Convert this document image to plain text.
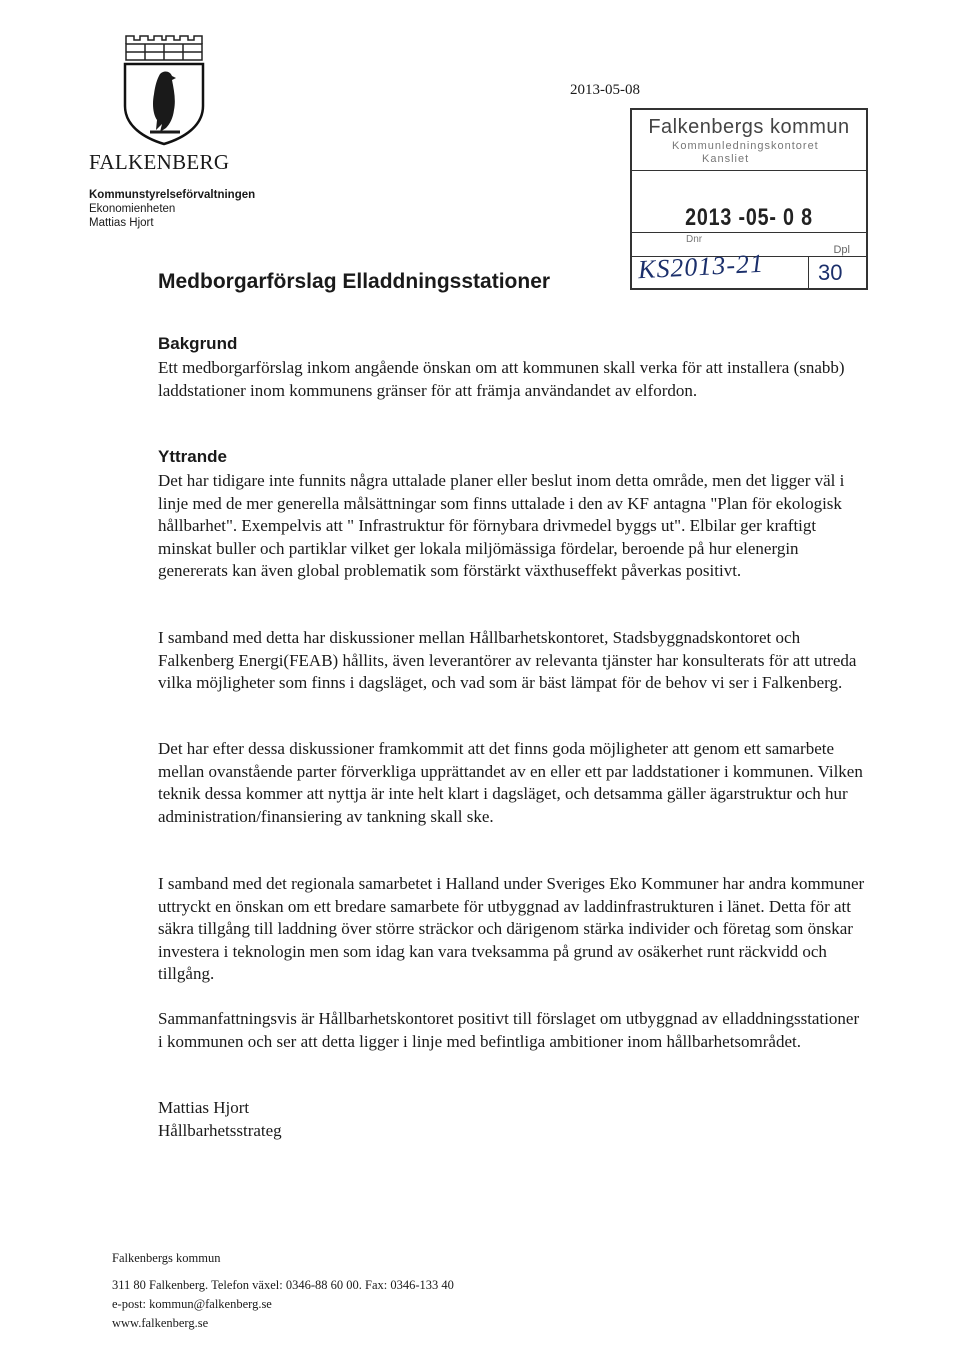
FALKENBERG
Kommunstyrelseförvaltningen
Ekonomienheten
Mattias Hjort
2013-05-08
Falkenbergs kommun
Kommunledningskontoret
Kansliet
2013 -05- 0 8
Dnr
Dpl
KS2013-21 30
Medborgarförslag Elladdningsstationer
Bakgrund
Ett medborgarförslag inkom angående önskan om att kommunen skall verka för att installera (snabb) laddstationer inom kommunens gränser för att främja användandet av elfordon.
Yttrande
Det har tidigare inte funnits några uttalade planer eller beslut inom detta område, men det ligger väl i linje med de mer generella målsättningar som finns uttalade i den av KF antagna "Plan för ekologisk hållbarhet". Exempelvis att " Infrastruktur för förnybara drivmedel byggs ut". Elbilar ger kraftigt minskat buller och partiklar vilket ger lokala miljömässiga fördelar, beroende på hur elenergin genererats kan även global problematik som förstärkt växthuseffekt påverkas positivt.
I samband med detta har diskussioner mellan Hållbarhetskontoret, Stadsbyggnadskontoret och Falkenberg Energi(FEAB) hållits, även leverantörer av relevanta tjänster har konsulterats för att utreda vilka möjligheter som finns i dagsläget, och vad som är bäst lämpat för de behov vi ser i Falkenberg.
Det har efter dessa diskussioner framkommit att det finns goda möjligheter att genom ett samarbete mellan ovanstående parter förverkliga upprättandet av en eller ett par laddstationer i kommunen. Vilken teknik dessa kommer att nyttja är inte helt klart i dagsläget, och detsamma gäller ägarstruktur och hur administration/finansiering av tankning skall ske.
I samband med det regionala samarbetet i Halland under Sveriges Eko Kommuner har andra kommuner uttryckt en önskan om ett bredare samarbete för utbyggnad av laddinfrastrukturen i länet. Detta för att säkra tillgång till laddning över större sträckor och därigenom stärka individer och företag som önskar investera i teknologin men som idag kan vara tveksamma på grund av osäkerhet runt räckvidd och tillgång.
Sammanfattningsvis är Hållbarhetskontoret positivt till förslaget om utbyggnad av elladdningsstationer i kommunen och ser att detta ligger i linje med befintliga ambitioner inom hållbarhetsområdet.
Mattias Hjort
Hållbarhetsstrateg
Falkenbergs kommun
311 80 Falkenberg. Telefon växel: 0346-88 60 00. Fax: 0346-133 40
e-post: kommun@falkenberg.se
www.falkenberg.se
